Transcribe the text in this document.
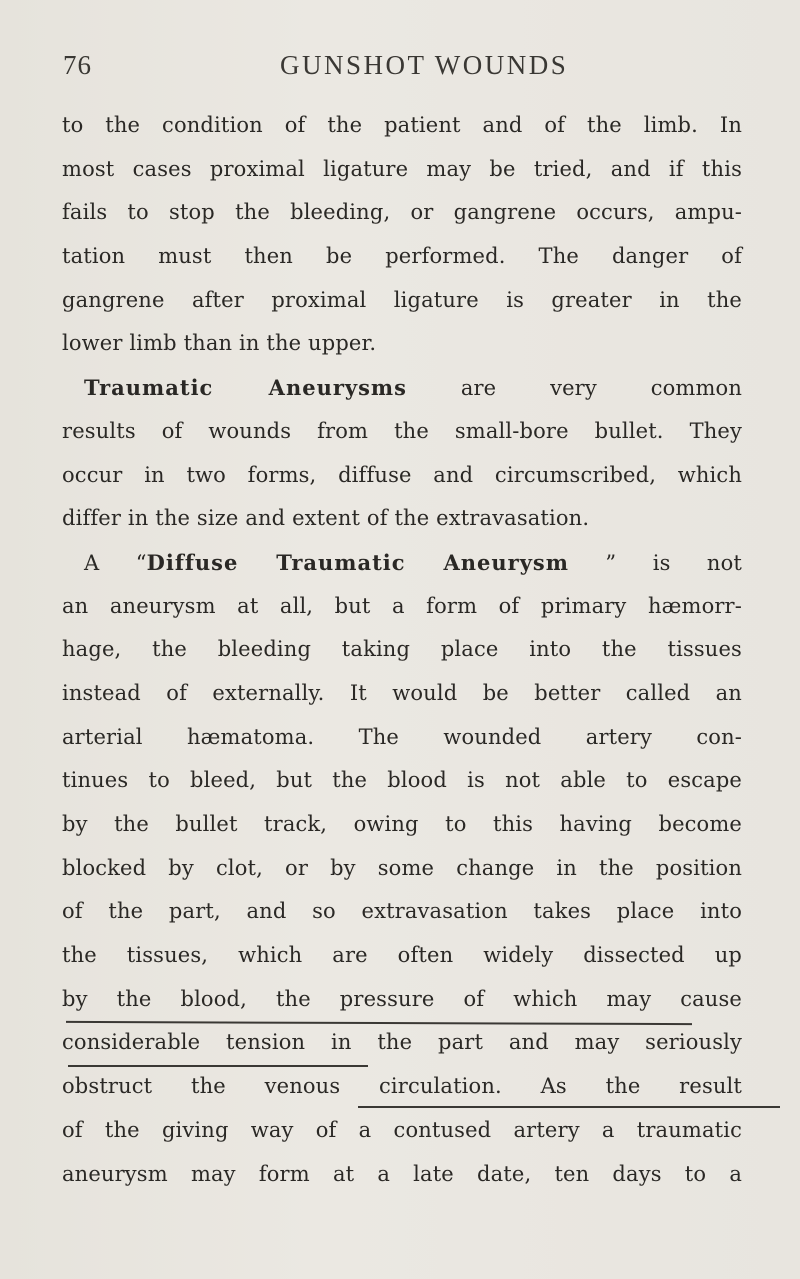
76	GUNSHOT WOUNDS
to the condition of the patient and of the limb. In
most cases proximal ligature may be tried, and if this
fails to stop the bleeding, or gangrene occurs, ampu-
tation must then be performed. The danger of
gangrene after proximal ligature is greater in the
lower limb than in the upper.
Traumatic Aneurysms	are very common
results of wounds from the small-bore bullet. They
occur in two forms, diffuse and circumscribed, which
differ in the size and extent of the extravasation.
A “Diffuse Traumatic Aneurysm ” is not
an aneurysm at all, but a form of primary hæmorr-
hage, the bleeding taking place into the tissues
instead of externally. It would be better called an
arterial hæmatoma. The wounded artery con-
tinues to bleed, but the blood is not able to escape
by the bullet track, owing to this having become
blocked by clot, or by some change in the position
of the part, and so extravasation takes place into
the tissues, which are often widely dissected up
by the blood, the pressure of which may cause
considerable tension in the part and may seriously
obstruct the venous circulation. As the result
of the giving way of a contused artery a traumatic
aneurysm may form at a late date, ten days to a
